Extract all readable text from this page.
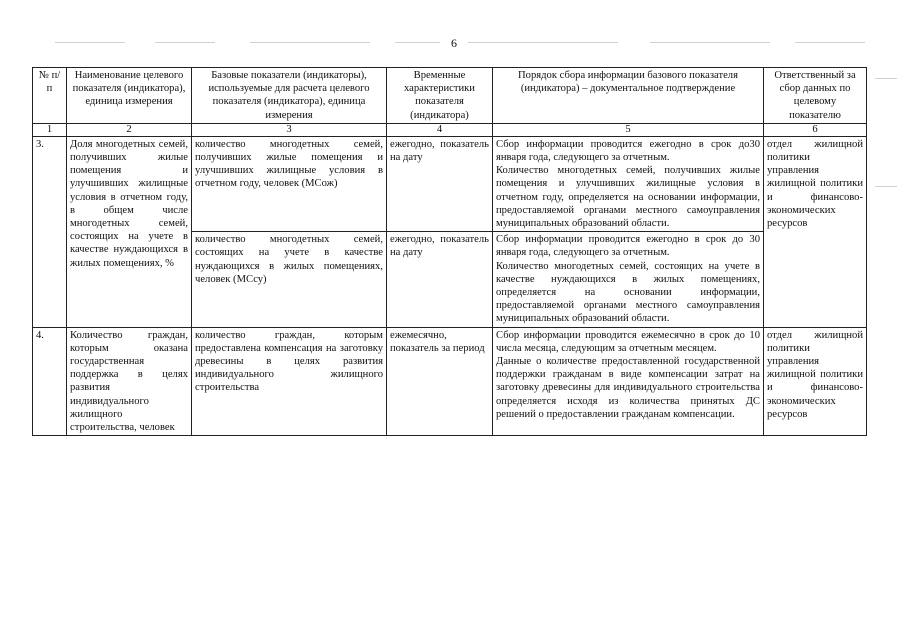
6
№ п/п	Наименование целевого показателя (индикатора), единица измерения	Базовые показатели (индикаторы), используемые для расчета целевого показателя (индикатора), единица измерения	Временные характеристики показателя (индикатора)	Порядок сбора информации базового показателя (индикатора) – документальное подтверждение	Ответственный за сбор данных по целевому показателю
1	2	3	4	5	6
3.	Доля многодетных семей, получивших жилые помещения и улучшивших жилищные условия в отчетном году, в общем числе многодетных семей, состоящих на учете в качестве нуждающихся в жилых помещениях, %	количество многодетных семей, получивших жилые помещения и улучшивших жилищные условия в отчетном году, человек (МСож)	ежегодно, показатель на дату	Сбор информации проводится ежегодно в срок до30 января года, следующего за отчетным.
Количество многодетных семей, получивших жилые помещения и улучшивших жилищные условия в отчетном году, определяется на основании информации, предоставляемой органами местного самоуправления муниципальных образований области.	отдел жилищной политики управления жилищной политики и финансово-экономических ресурсов
		количество многодетных семей, состоящих на учете в качестве нуждающихся в жилых помещениях, человек (МСсу)	ежегодно, показатель на дату	Сбор информации проводится ежегодно в срок до 30 января года, следующего за отчетным.
Количество многодетных семей, состоящих на учете в качестве нуждающихся в жилых помещениях, определяется на основании информации, предоставляемой органами местного самоуправления муниципальных образований области.	

4.	Количество граждан, которым оказана государственная поддержка в целях развития индивидуального жилищного строительства, человек	количество граждан, которым предоставлена компенсация на заготовку древесины в целях развития индивидуального жилищного строительства	ежемесячно, показатель за период	Сбор информации проводится ежемесячно в срок до 10 числа месяца, следующим за отчетным месяцем.
Данные о количестве предоставленной государственной поддержки гражданам в виде компенсации затрат на заготовку древесины для индивидуального строительства определяется исходя из количества принятых ДС решений о предоставлении гражданам компенсации.	отдел жилищной политики управления жилищной политики и финансово-экономических ресурсов
